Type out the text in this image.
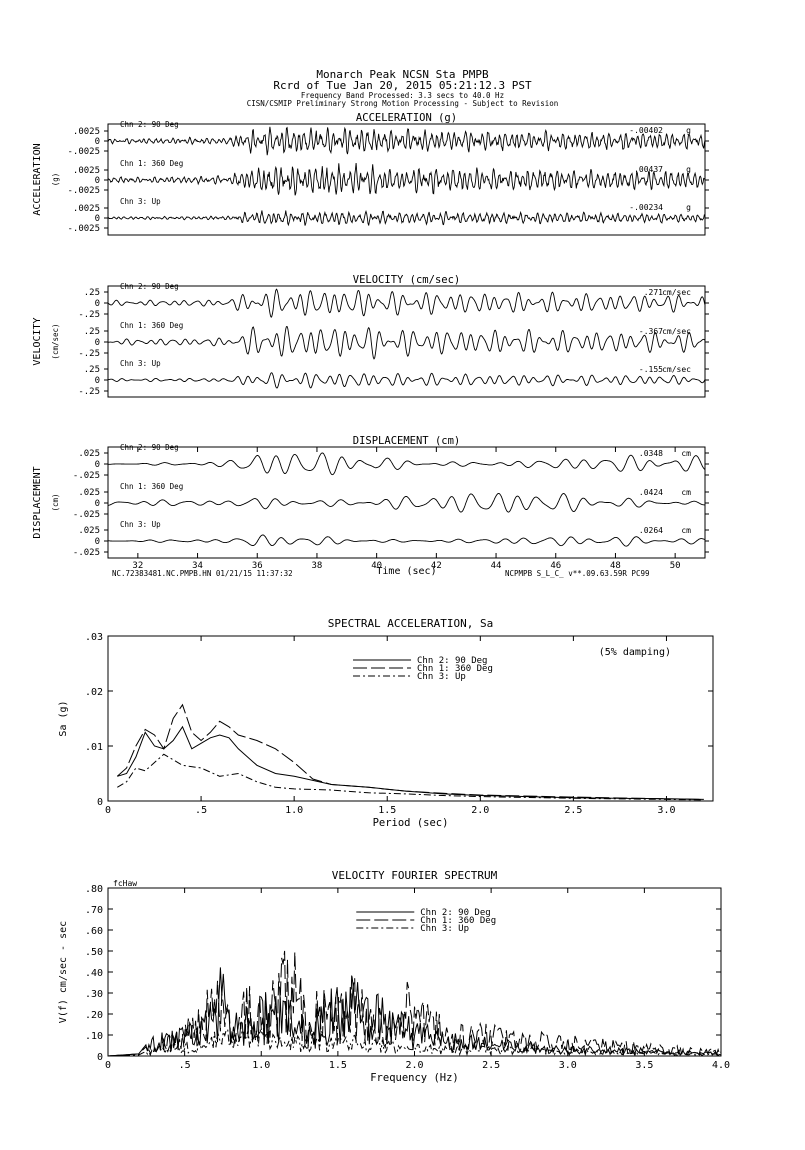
Monarch Peak NCSN Sta PMPB
Rcrd of Tue Jan 20, 2015 05:21:12.3 PST
Frequency Band Processed: 3.3 secs to 40.0 Hz
CISN/CSMIP Preliminary Strong Motion Processing - Subject to Revision
ACCELERATION (g)
ACCELERATION (g)
.0025
0
-.0025
Chn 2: 90 Deg
-.00402	g
.0025
0
-.0025
Chn 1: 360 Deg
.00437	g
.0025
0
-.0025
Chn 3: Up
-.00234	g
VELOCITY (cm/sec)
VELOCITY (cm/sec)
.25
0
-.25
Chn 2: 90 Deg
.271 cm/sec
.25
0
-.25
Chn 1: 360 Deg
-.367 cm/sec
.25
0
-.25
Chn 3: Up
-.155 cm/sec
DISPLACEMENT (cm)
DISPLACEMENT (cm)
.025
0
-.025
Chn 2: 90 Deg
.0348 cm
.025
0
-.025
Chn 1: 360 Deg
.0424 cm
.025
0
-.025
Chn 3: Up
.0264 cm
32	34	36	38	40	42	44	46	48	50
Time (sec)
NC.72383481.NC.PMPB.HN 01/21/15 11:37:32	NCPMPB S_L_C_ v**.09.63.59R PC99
SPECTRAL ACCELERATION, Sa
0	.5	1.0	1.5	2.0	2.5	3.0
0
.01
.02
.03
Period (sec)
Sa (g)
(5% damping)
Chn 2: 90 Deg
Chn 1: 360 Deg
Chn 3: Up
VELOCITY FOURIER SPECTRUM
0	.5	1.0	1.5	2.0	2.5	3.0	3.5	4.0
0
.10
.20
.30
.40
.50
.60
.70
.80
Frequency (Hz)
V(f) cm/sec - sec
fcHaw
Chn 2: 90 Deg
Chn 1: 360 Deg
Chn 3: Up
